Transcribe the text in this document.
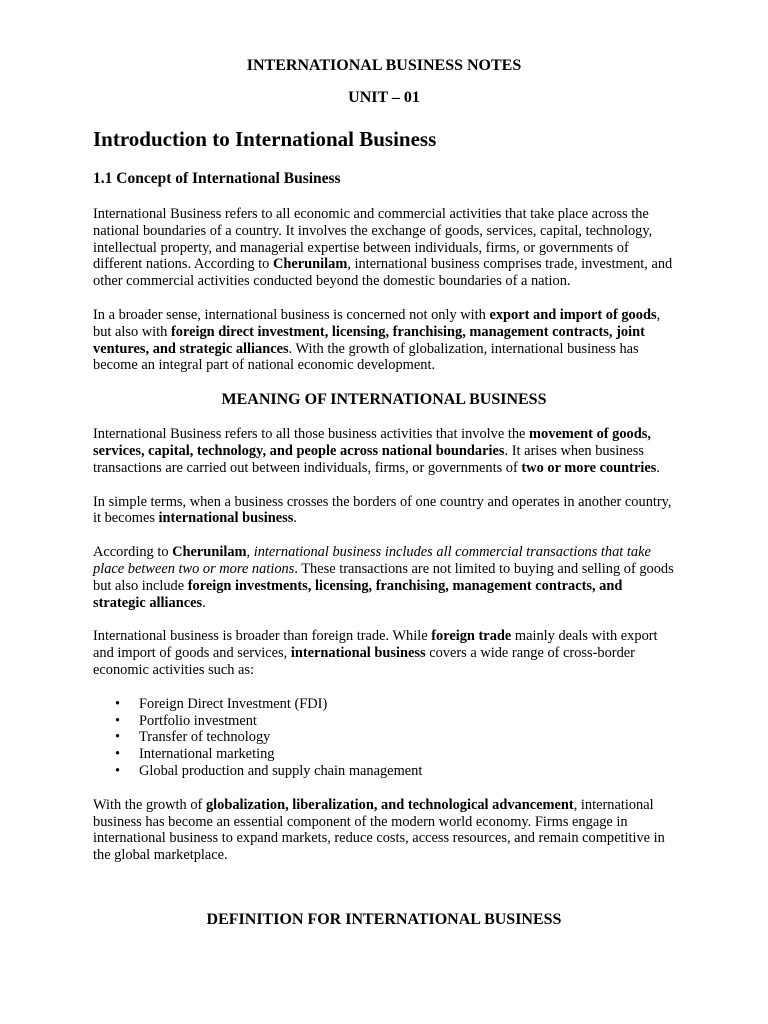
INTERNATIONAL BUSINESS NOTES

UNIT – 01

Introduction to International Business
1.1 Concept of International Business

International Business refers to all economic and commercial activities that take place across the national boundaries of a country. It involves the exchange of goods, services, capital, technology, intellectual property, and managerial expertise between individuals, firms, or governments of different nations. According to Cherunilam, international business comprises trade, investment, and other commercial activities conducted beyond the domestic boundaries of a nation.

In a broader sense, international business is concerned not only with export and import of goods, but also with foreign direct investment, licensing, franchising, management contracts, joint ventures, and strategic alliances. With the growth of globalization, international business has become an integral part of national economic development.

MEANING OF INTERNATIONAL BUSINESS

International Business refers to all those business activities that involve the movement of goods, services, capital, technology, and people across national boundaries. It arises when business transactions are carried out between individuals, firms, or governments of two or more countries.

In simple terms, when a business crosses the borders of one country and operates in another country, it becomes international business.

According to Cherunilam, international business includes all commercial transactions that take place between two or more nations. These transactions are not limited to buying and selling of goods but also include foreign investments, licensing, franchising, management contracts, and strategic alliances.

International business is broader than foreign trade. While foreign trade mainly deals with export and import of goods and services, international business covers a wide range of cross-border economic activities such as:

• Foreign Direct Investment (FDI)
• Portfolio investment
• Transfer of technology
• International marketing
• Global production and supply chain management

With the growth of globalization, liberalization, and technological advancement, international business has become an essential component of the modern world economy. Firms engage in international business to expand markets, reduce costs, access resources, and remain competitive in the global marketplace.

DEFINITION FOR INTERNATIONAL BUSINESS
